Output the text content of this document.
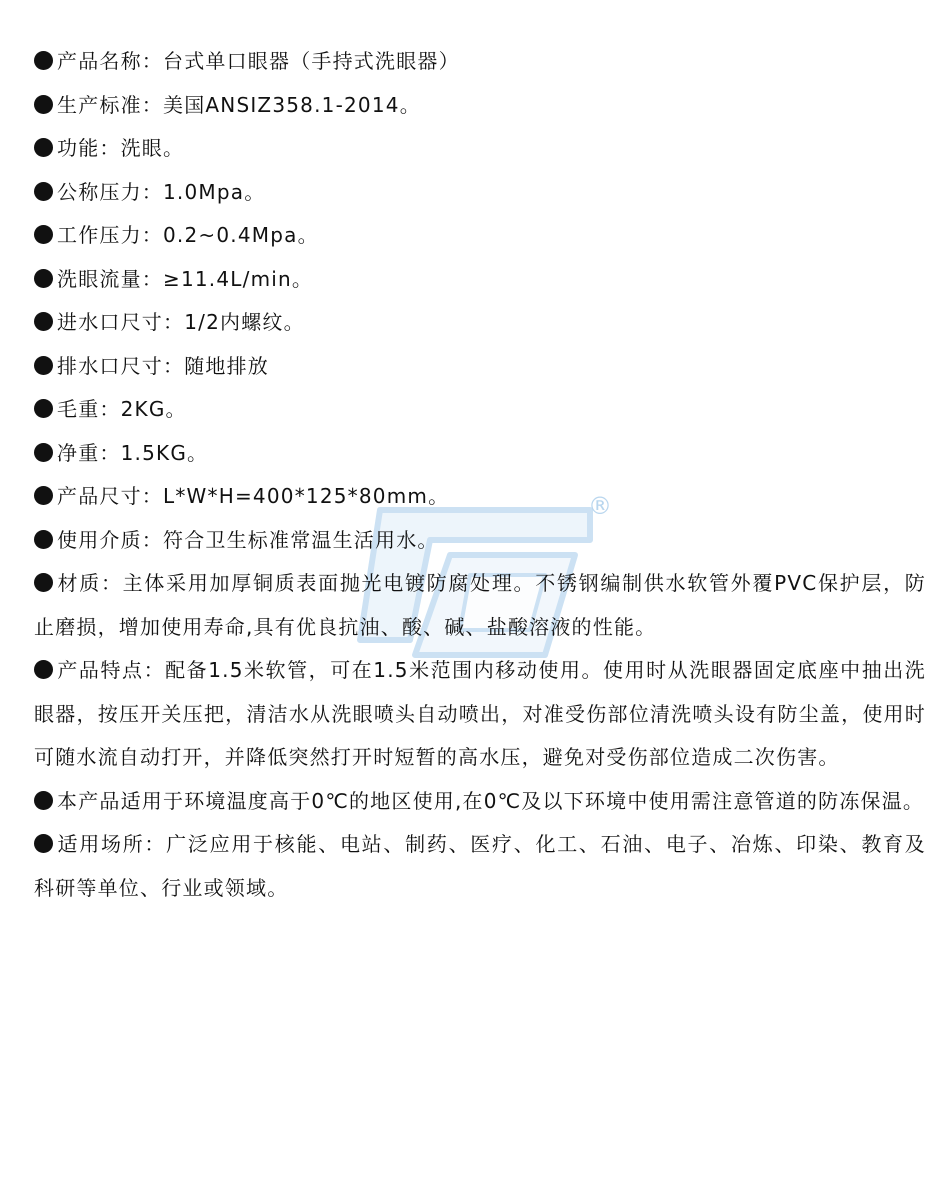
®
产品名称：台式单口眼器（手持式洗眼器）
生产标准：美国ANSIZ358.1-2014。
功能：洗眼。
公称压力：1.0Mpa。
工作压力：0.2~0.4Mpa。
洗眼流量：≥11.4L/min。
进水口尺寸：1/2内螺纹。
排水口尺寸：随地排放
毛重：2KG。
净重：1.5KG。
产品尺寸：L*W*H=400*125*80mm。
使用介质：符合卫生标准常温生活用水。
材质：主体采用加厚铜质表面抛光电镀防腐处理。不锈钢编制供水软管外覆PVC保护层，防止磨损，增加使用寿命,具有优良抗油、酸、碱、盐酸溶液的性能。
产品特点：配备1.5米软管，可在1.5米范围内移动使用。使用时从洗眼器固定底座中抽出洗眼器，按压开关压把，清洁水从洗眼喷头自动喷出，对准受伤部位清洗喷头设有防尘盖，使用时可随水流自动打开，并降低突然打开时短暂的高水压，避免对受伤部位造成二次伤害。
本产品适用于环境温度高于0℃的地区使用,在0℃及以下环境中使用需注意管道的防冻保温。
适用场所：广泛应用于核能、电站、制药、医疗、化工、石油、电子、冶炼、印染、教育及科研等单位、行业或领域。
